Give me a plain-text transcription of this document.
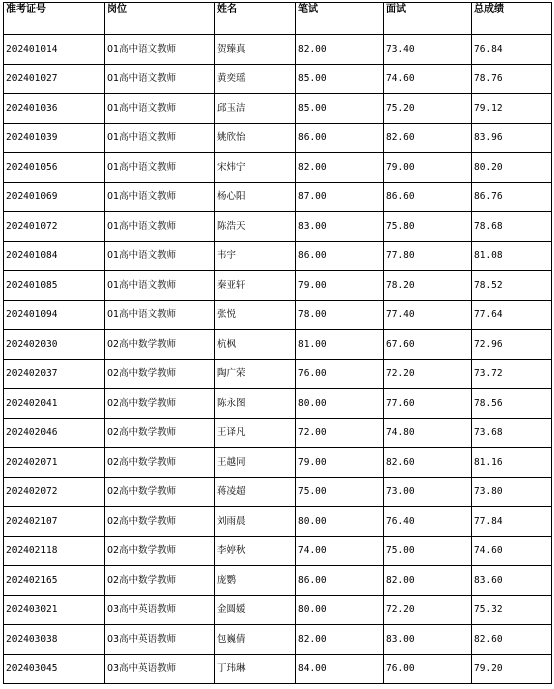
准考证号	岗位	姓名	笔试	面试	总成绩
202401014	01高中语文教师	贺臻真	82.00	73.40	76.84
202401027	01高中语文教师	黄奕瑶	85.00	74.60	78.76
202401036	01高中语文教师	邱玉洁	85.00	75.20	79.12
202401039	01高中语文教师	姚欣怡	86.00	82.60	83.96
202401056	01高中语文教师	宋炜宁	82.00	79.00	80.20
202401069	01高中语文教师	杨心阳	87.00	86.60	86.76
202401072	01高中语文教师	陈浩天	83.00	75.80	78.68
202401084	01高中语文教师	韦宇	86.00	77.80	81.08
202401085	01高中语文教师	秦亚轩	79.00	78.20	78.52
202401094	01高中语文教师	张悦	78.00	77.40	77.64
202402030	02高中数学教师	杭枫	81.00	67.60	72.96
202402037	02高中数学教师	陶广荣	76.00	72.20	73.72
202402041	02高中数学教师	陈永图	80.00	77.60	78.56
202402046	02高中数学教师	王译凡	72.00	74.80	73.68
202402071	02高中数学教师	王越同	79.00	82.60	81.16
202402072	02高中数学教师	蒋凌超	75.00	73.00	73.80
202402107	02高中数学教师	刘雨晨	80.00	76.40	77.84
202402118	02高中数学教师	李婷秋	74.00	75.00	74.60
202402165	02高中数学教师	庞鹦	86.00	82.00	83.60
202403021	03高中英语教师	金圆媛	80.00	72.20	75.32
202403038	03高中英语教师	包巍倩	82.00	83.00	82.60
202403045	03高中英语教师	丁玮琳	84.00	76.00	79.20
